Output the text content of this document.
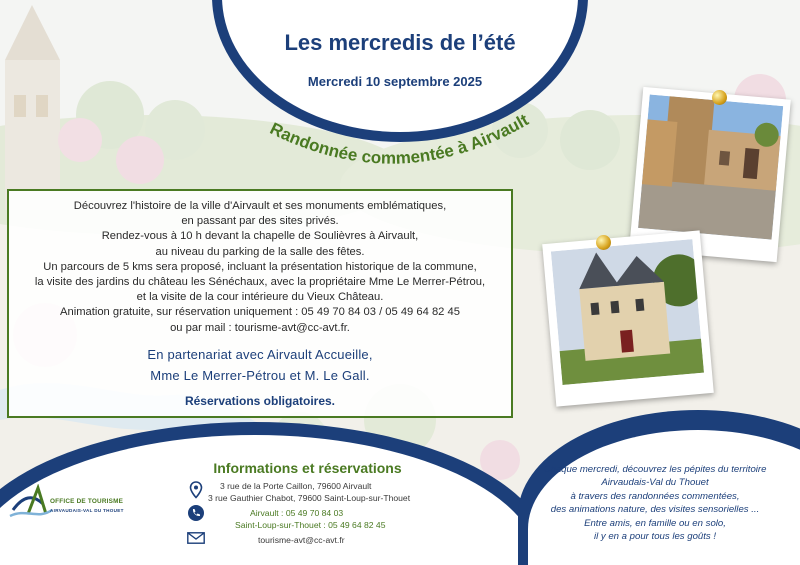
Les mercredis de l’été
Mercredi 10 septembre 2025
Randonnée commentée à Airvault
Découvrez l'histoire de la ville d'Airvault et ses monuments emblématiques,
en passant par des sites privés.
Rendez-vous à 10 h devant la chapelle de Soulièvres à Airvault,
au niveau du parking de la salle des fêtes.
Un parcours de 5 kms sera proposé, incluant la présentation historique de la commune,
la visite des jardins du château les Sénéchaux, avec la propriétaire Mme Le Merrer-Pétrou,
et la visite de la cour intérieure du Vieux Château.
Animation gratuite, sur réservation uniquement : 05 49 70 84 03 / 05 49 64 82 45
ou par mail : tourisme-avt@cc-avt.fr.
En partenariat avec Airvault Accueille,
Mme Le Merrer-Pétrou et M. Le Gall.
Réservations obligatoires.
OFFICE DE TOURISME
AIRVAUDAIS-VAL DU THOUET
Informations et réservations
3 rue de la Porte Caillon, 79600 Airvault
3 rue Gauthier Chabot, 79600 Saint-Loup-sur-Thouet
Airvault : 05 49 70 84 03
Saint-Loup-sur-Thouet : 05 49 64 82 45
tourisme-avt@cc-avt.fr
Chaque mercredi, découvrez les pépites du territoire
Airvaudais-Val du Thouet
à travers des randonnées commentées,
des animations nature, des visites sensorielles ...
Entre amis, en famille ou en solo,
il y en a pour tous les goûts !
